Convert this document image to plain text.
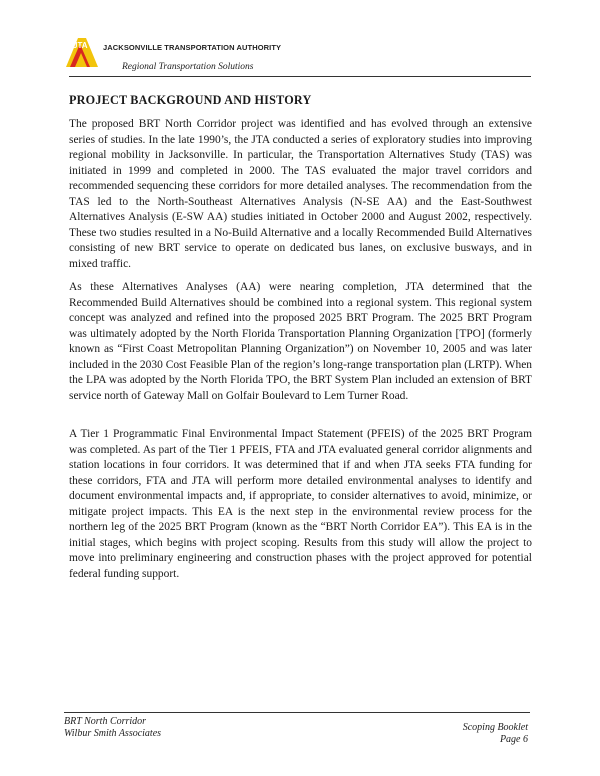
JTA JACKSONVILLE TRANSPORTATION AUTHORITY
Regional Transportation Solutions
PROJECT BACKGROUND AND HISTORY

The proposed BRT North Corridor project was identified and has evolved through an extensive series of studies. In the late 1990’s, the JTA conducted a series of exploratory studies into improving regional mobility in Jacksonville. In particular, the Transportation Alternatives Study (TAS) was initiated in 1999 and completed in 2000. The TAS evaluated the major travel corridors and recommended sequencing these corridors for more detailed analyses. The recommendation from the TAS led to the North-Southeast Alternatives Analysis (N-SE AA) and the East-Southwest Alternatives Analysis (E-SW AA) studies initiated in October 2000 and August 2002, respectively. These two studies resulted in a No-Build Alternative and a locally Recommended Build Alternatives consisting of new BRT service to operate on dedicated bus lanes, on exclusive busways, and in mixed traffic.

As these Alternatives Analyses (AA) were nearing completion, JTA determined that the Recommended Build Alternatives should be combined into a regional system. This regional system concept was analyzed and refined into the proposed 2025 BRT Program. The 2025 BRT Program was ultimately adopted by the North Florida Transportation Planning Organization [TPO] (formerly known as “First Coast Metropolitan Planning Organization”) on November 10, 2005 and was later included in the 2030 Cost Feasible Plan of the region’s long-range transportation plan (LRTP). When the LPA was adopted by the North Florida TPO, the BRT System Plan included an extension of BRT service north of Gateway Mall on Golfair Boulevard to Lem Turner Road.

A Tier 1 Programmatic Final Environmental Impact Statement (PFEIS) of the 2025 BRT Program was completed. As part of the Tier 1 PFEIS, FTA and JTA evaluated general corridor alignments and station locations in four corridors. It was determined that if and when JTA seeks FTA funding for these corridors, FTA and JTA will perform more detailed environmental analyses to identify and document environmental impacts and, if appropriate, to consider alternatives to avoid, minimize, or mitigate project impacts. This EA is the next step in the environmental review process for the northern leg of the 2025 BRT Program (known as the “BRT North Corridor EA”). This EA is in the initial stages, which begins with project scoping. Results from this study will allow the project to move into preliminary engineering and construction phases with the project approved for potential federal funding support.

BRT North Corridor
Wilbur Smith Associates	Scoping Booklet
Page 6
